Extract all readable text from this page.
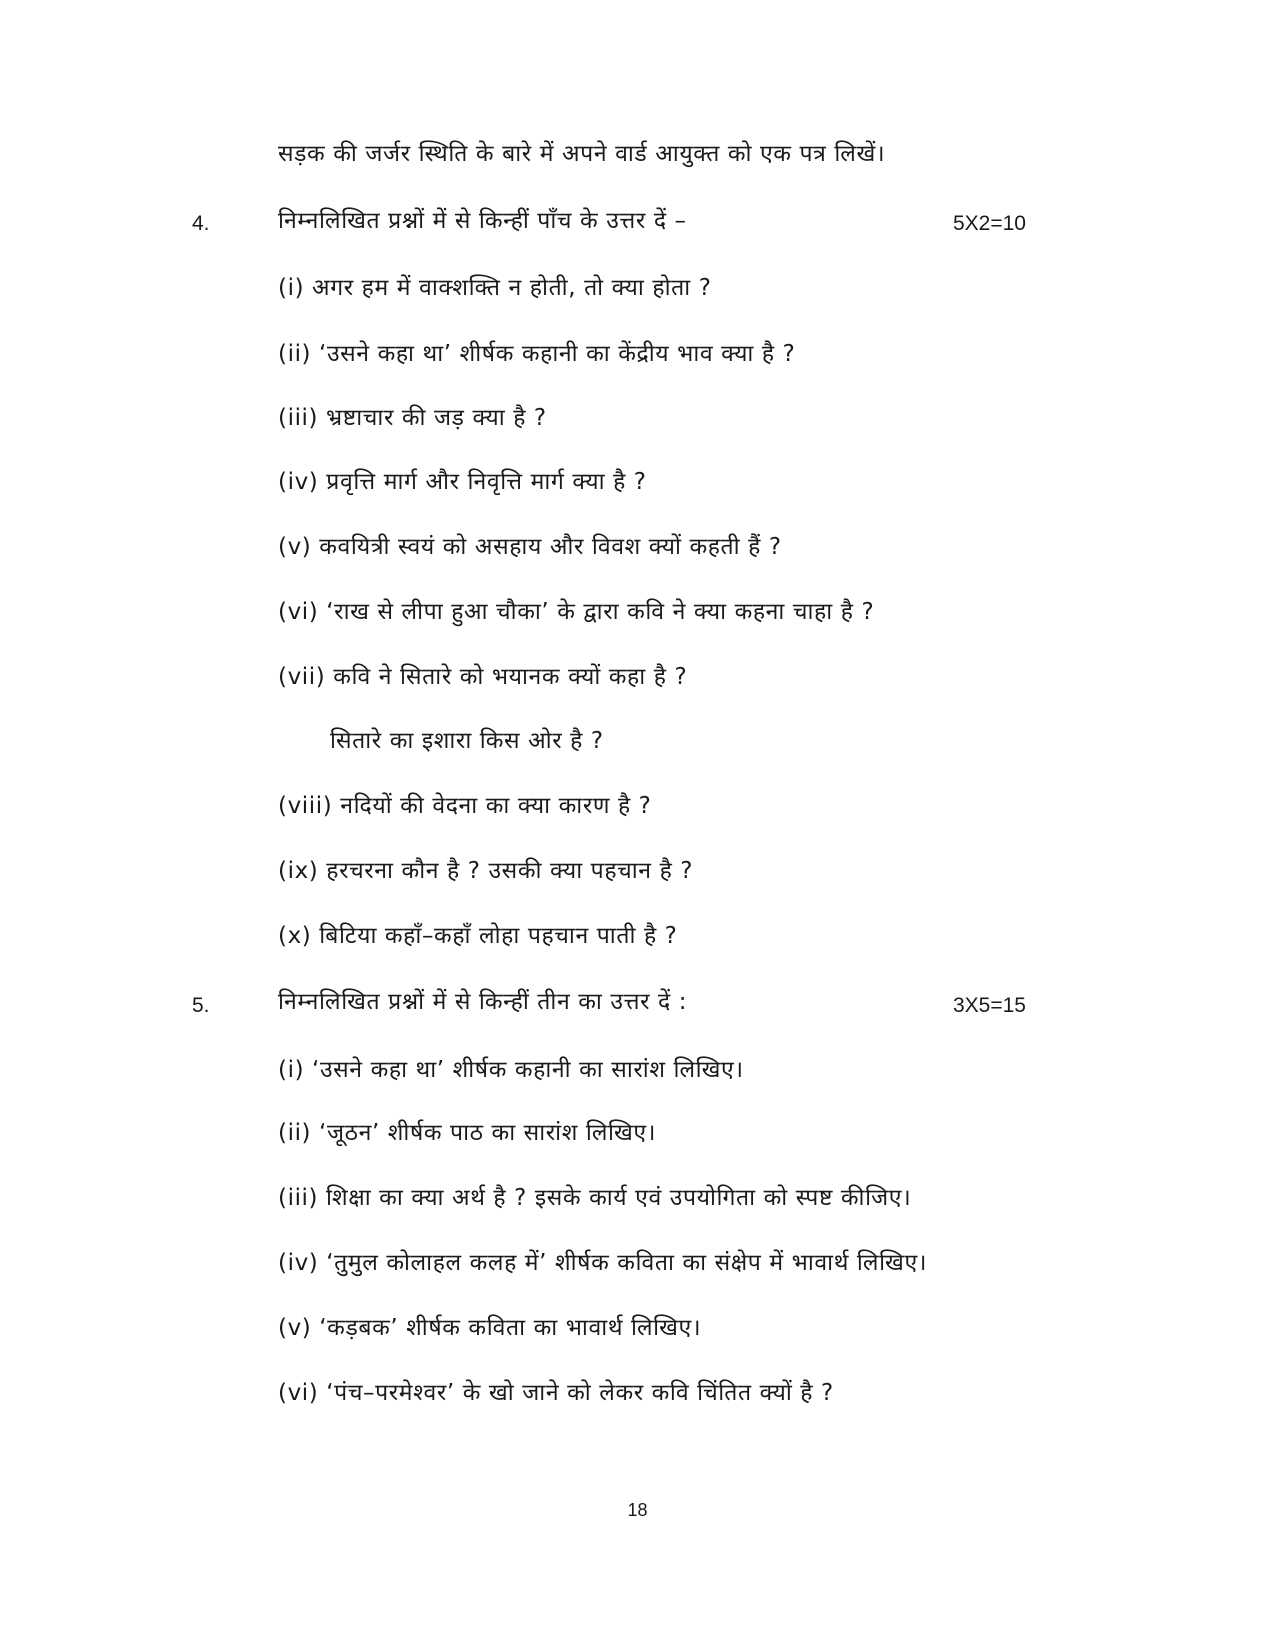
सड़क की जर्जर स्थिति के बारे में अपने वार्ड आयुक्त को एक पत्र लिखें।
4.	निम्नलिखित प्रश्नों में से किन्हीं पाँच के उत्तर दें –	5X2=10
(i) अगर हम में वाक्शक्ति न होती, तो क्या होता ?
(ii) ‘उसने कहा था’ शीर्षक कहानी का केंद्रीय भाव क्या है ?
(iii) भ्रष्टाचार की जड़ क्या है ?
(iv) प्रवृत्ति मार्ग और निवृत्ति मार्ग क्या है ?
(v) कवयित्री स्वयं को असहाय और विवश क्यों कहती हैं ?
(vi) ‘राख से लीपा हुआ चौका’ के द्वारा कवि ने क्या कहना चाहा है ?
(vii) कवि ने सितारे को भयानक क्यों कहा है ?
सितारे का इशारा किस ओर है ?
(viii) नदियों की वेदना का क्या कारण है ?
(ix) हरचरना कौन है ? उसकी क्या पहचान है ?
(x) बिटिया कहाँ–कहाँ लोहा पहचान पाती है ?
5.	निम्नलिखित प्रश्नों में से किन्हीं तीन का उत्तर दें :	3X5=15
(i) ‘उसने कहा था’ शीर्षक कहानी का सारांश लिखिए।
(ii) ‘जूठन’ शीर्षक पाठ का सारांश लिखिए।
(iii) शिक्षा का क्या अर्थ है ? इसके कार्य एवं उपयोगिता को स्पष्ट कीजिए।
(iv) ‘तुमुल कोलाहल कलह में’ शीर्षक कविता का संक्षेप में भावार्थ लिखिए।
(v) ‘कड़बक’ शीर्षक कविता का भावार्थ लिखिए।
(vi) ‘पंच–परमेश्वर’ के खो जाने को लेकर कवि चिंतित क्यों है ?
18
